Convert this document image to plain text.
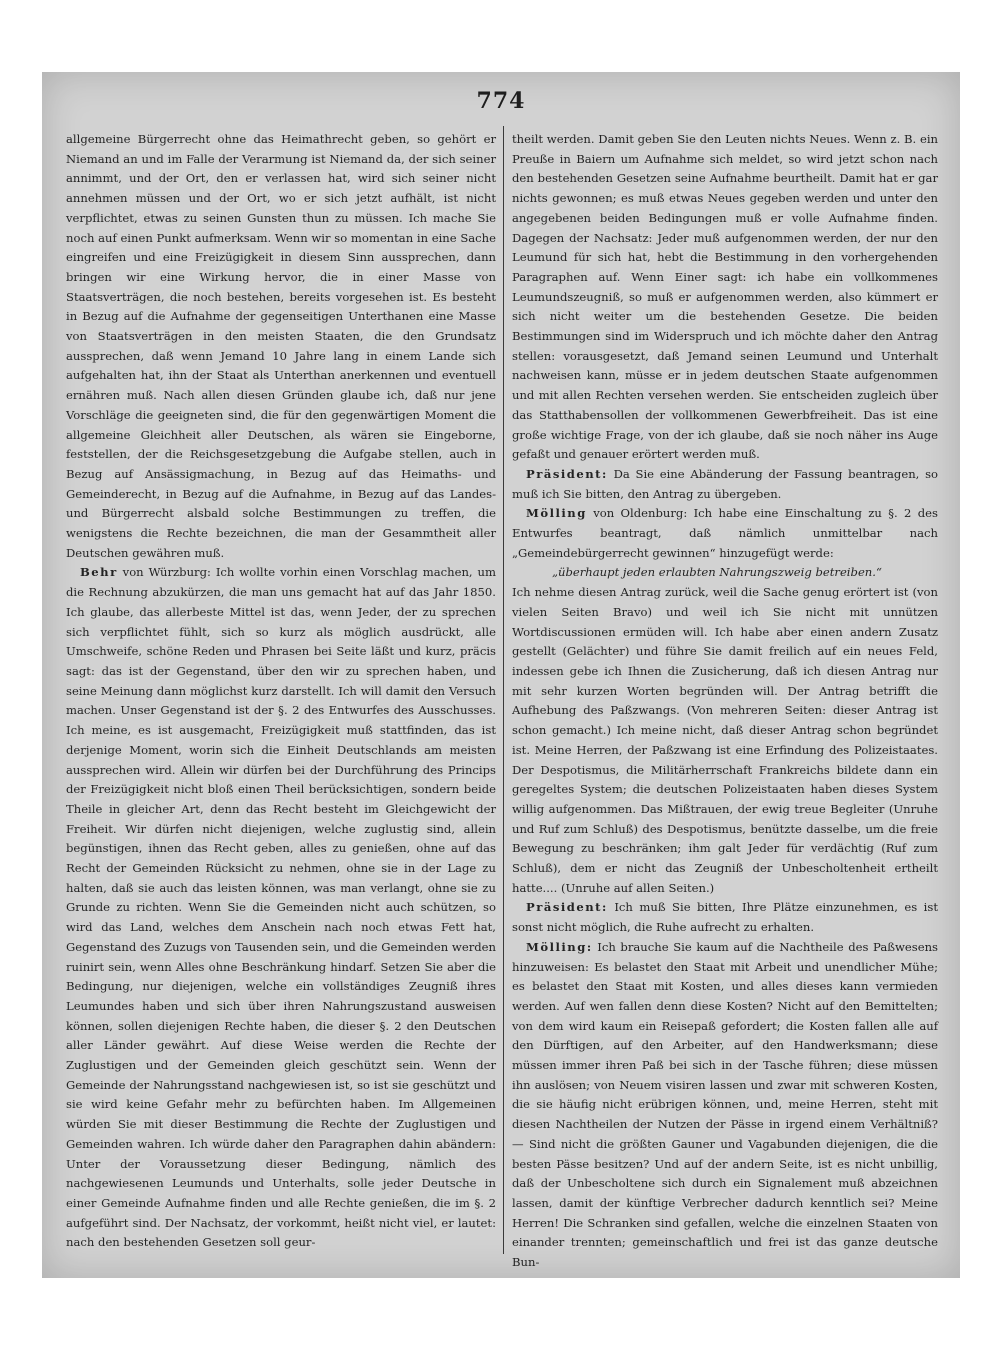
774

allgemeine Bürgerrecht ohne das Heimathrecht geben, so gehört er Niemand an und im Falle der Verarmung ist Niemand da, der sich seiner annimmt, und der Ort, den er verlassen hat, wird sich seiner nicht annehmen müssen und der Ort, wo er sich jetzt aufhält, ist nicht verpflichtet, etwas zu seinen Gunsten thun zu müssen. Ich mache Sie noch auf einen Punkt aufmerksam. Wenn wir so momentan in eine Sache eingreifen und eine Freizügigkeit in diesem Sinn aussprechen, dann bringen wir eine Wirkung hervor, die in einer Masse von Staatsverträgen, die noch bestehen, bereits vorgesehen ist. Es besteht in Bezug auf die Aufnahme der gegenseitigen Unterthanen eine Masse von Staatsverträgen in den meisten Staaten, die den Grundsatz aussprechen, daß wenn Jemand 10 Jahre lang in einem Lande sich aufgehalten hat, ihn der Staat als Unterthan anerkennen und eventuell ernähren muß. Nach allen diesen Gründen glaube ich, daß nur jene Vorschläge die geeigneten sind, die für den gegenwärtigen Moment die allgemeine Gleichheit aller Deutschen, als wären sie Eingeborne, feststellen, der die Reichsgesetzgebung die Aufgabe stellen, auch in Bezug auf Ansässigmachung, in Bezug auf das Heimaths- und Gemeinderecht, in Bezug auf die Aufnahme, in Bezug auf das Landes- und Bürgerrecht alsbald solche Bestimmungen zu treffen, die wenigstens die Rechte bezeichnen, die man der Gesammtheit aller Deutschen gewähren muß.

Behr von Würzburg: Ich wollte vorhin einen Vorschlag machen, um die Rechnung abzukürzen, die man uns gemacht hat auf das Jahr 1850. Ich glaube, das allerbeste Mittel ist das, wenn Jeder, der zu sprechen sich verpflichtet fühlt, sich so kurz als möglich ausdrückt, alle Umschweife, schöne Reden und Phrasen bei Seite läßt und kurz, präcis sagt: das ist der Gegenstand, über den wir zu sprechen haben, und seine Meinung dann möglichst kurz darstellt. Ich will damit den Versuch machen. Unser Gegenstand ist der §. 2 des Entwurfes des Ausschusses. Ich meine, es ist ausgemacht, Freizügigkeit muß stattfinden, das ist derjenige Moment, worin sich die Einheit Deutschlands am meisten aussprechen wird. Allein wir dürfen bei der Durchführung des Princips der Freizügigkeit nicht bloß einen Theil berücksichtigen, sondern beide Theile in gleicher Art, denn das Recht besteht im Gleichgewicht der Freiheit. Wir dürfen nicht diejenigen, welche zuglustig sind, allein begünstigen, ihnen das Recht geben, alles zu genießen, ohne auf das Recht der Gemeinden Rücksicht zu nehmen, ohne sie in der Lage zu halten, daß sie auch das leisten können, was man verlangt, ohne sie zu Grunde zu richten. Wenn Sie die Gemeinden nicht auch schützen, so wird das Land, welches dem Anschein nach noch etwas Fett hat, Gegenstand des Zuzugs von Tausenden sein, und die Gemeinden werden ruinirt sein, wenn Alles ohne Beschränkung hindarf. Setzen Sie aber die Bedingung, nur diejenigen, welche ein vollständiges Zeugniß ihres Leumundes haben und sich über ihren Nahrungszustand ausweisen können, sollen diejenigen Rechte haben, die dieser §. 2 den Deutschen aller Länder gewährt. Auf diese Weise werden die Rechte der Zuglustigen und der Gemeinden gleich geschützt sein. Wenn der Gemeinde der Nahrungsstand nachgewiesen ist, so ist sie geschützt und sie wird keine Gefahr mehr zu befürchten haben. Im Allgemeinen würden Sie mit dieser Bestimmung die Rechte der Zuglustigen und Gemeinden wahren. Ich würde daher den Paragraphen dahin abändern: Unter der Voraussetzung dieser Bedingung, nämlich des nachgewiesenen Leumunds und Unterhalts, solle jeder Deutsche in einer Gemeinde Aufnahme finden und alle Rechte genießen, die im §. 2 aufgeführt sind. Der Nachsatz, der vorkommt, heißt nicht viel, er lautet: nach den bestehenden Gesetzen soll geur-

theilt werden. Damit geben Sie den Leuten nichts Neues. Wenn z. B. ein Preuße in Baiern um Aufnahme sich meldet, so wird jetzt schon nach den bestehenden Gesetzen seine Aufnahme beurtheilt. Damit hat er gar nichts gewonnen; es muß etwas Neues gegeben werden und unter den angegebenen beiden Bedingungen muß er volle Aufnahme finden. Dagegen der Nachsatz: Jeder muß aufgenommen werden, der nur den Leumund für sich hat, hebt die Bestimmung in den vorhergehenden Paragraphen auf. Wenn Einer sagt: ich habe ein vollkommenes Leumundszeugniß, so muß er aufgenommen werden, also kümmert er sich nicht weiter um die bestehenden Gesetze. Die beiden Bestimmungen sind im Widerspruch und ich möchte daher den Antrag stellen: vorausgesetzt, daß Jemand seinen Leumund und Unterhalt nachweisen kann, müsse er in jedem deutschen Staate aufgenommen und mit allen Rechten versehen werden. Sie entscheiden zugleich über das Statthabensollen der vollkommenen Gewerbfreiheit. Das ist eine große wichtige Frage, von der ich glaube, daß sie noch näher ins Auge gefaßt und genauer erörtert werden muß.

Präsident: Da Sie eine Abänderung der Fassung beantragen, so muß ich Sie bitten, den Antrag zu übergeben.

Mölling von Oldenburg: Ich habe eine Einschaltung zu §. 2 des Entwurfes beantragt, daß nämlich unmittelbar nach „Gemeindebürgerrecht gewinnen“ hinzugefügt werde:

„überhaupt jeden erlaubten Nahrungszweig betreiben.“

Ich nehme diesen Antrag zurück, weil die Sache genug erörtert ist (von vielen Seiten Bravo) und weil ich Sie nicht mit unnützen Wortdiscussionen ermüden will. Ich habe aber einen andern Zusatz gestellt (Gelächter) und führe Sie damit freilich auf ein neues Feld, indessen gebe ich Ihnen die Zusicherung, daß ich diesen Antrag nur mit sehr kurzen Worten begründen will. Der Antrag betrifft die Aufhebung des Paßzwangs. (Von mehreren Seiten: dieser Antrag ist schon gemacht.) Ich meine nicht, daß dieser Antrag schon begründet ist. Meine Herren, der Paßzwang ist eine Erfindung des Polizeistaates. Der Despotismus, die Militärherrschaft Frankreichs bildete dann ein geregeltes System; die deutschen Polizeistaaten haben dieses System willig aufgenommen. Das Mißtrauen, der ewig treue Begleiter (Unruhe und Ruf zum Schluß) des Despotismus, benützte dasselbe, um die freie Bewegung zu beschränken; ihm galt Jeder für verdächtig (Ruf zum Schluß), dem er nicht das Zeugniß der Unbescholtenheit ertheilt hatte.... (Unruhe auf allen Seiten.)

Präsident: Ich muß Sie bitten, Ihre Plätze einzunehmen, es ist sonst nicht möglich, die Ruhe aufrecht zu erhalten.

Mölling: Ich brauche Sie kaum auf die Nachtheile des Paßwesens hinzuweisen: Es belastet den Staat mit Arbeit und unendlicher Mühe; es belastet den Staat mit Kosten, und alles dieses kann vermieden werden. Auf wen fallen denn diese Kosten? Nicht auf den Bemittelten; von dem wird kaum ein Reisepaß gefordert; die Kosten fallen alle auf den Dürftigen, auf den Arbeiter, auf den Handwerksmann; diese müssen immer ihren Paß bei sich in der Tasche führen; diese müssen ihn auslösen; von Neuem visiren lassen und zwar mit schweren Kosten, die sie häufig nicht erübrigen können, und, meine Herren, steht mit diesen Nachtheilen der Nutzen der Pässe in irgend einem Verhältniß? — Sind nicht die größten Gauner und Vagabunden diejenigen, die die besten Pässe besitzen? Und auf der andern Seite, ist es nicht unbillig, daß der Unbescholtene sich durch ein Signalement muß abzeichnen lassen, damit der künftige Verbrecher dadurch kenntlich sei? Meine Herren! Die Schranken sind gefallen, welche die einzelnen Staaten von einander trennten; gemeinschaftlich und frei ist das ganze deutsche Bun-
